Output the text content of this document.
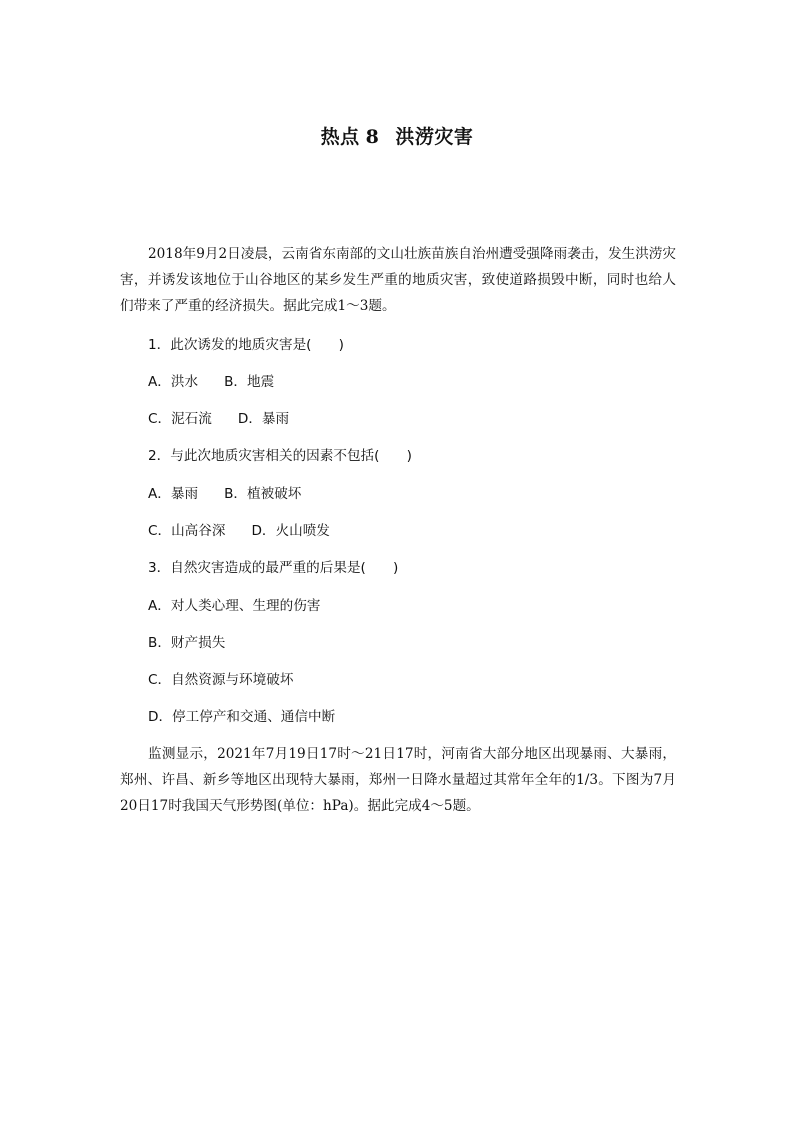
热点 8 洪涝灾害

2018年9月2日凌晨，云南省东南部的文山壮族苗族自治州遭受强降雨袭击，发生洪涝灾害，并诱发该地位于山谷地区的某乡发生严重的地质灾害，致使道路损毁中断，同时也给人们带来了严重的经济损失。据此完成1～3题。

1．此次诱发的地质灾害是(　　)

A．洪水 B．地震

C．泥石流 D．暴雨

2．与此次地质灾害相关的因素不包括(　　)

A．暴雨 B．植被破坏

C．山高谷深 D．火山喷发

3．自然灾害造成的最严重的后果是(　　)

A．对人类心理、生理的伤害

B．财产损失

C．自然资源与环境破坏

D．停工停产和交通、通信中断

监测显示，2021年7月19日17时～21日17时，河南省大部分地区出现暴雨、大暴雨，郑州、许昌、新乡等地区出现特大暴雨，郑州一日降水量超过其常年全年的1/3。下图为7月20日17时我国天气形势图(单位：hPa)。据此完成4～5题。
